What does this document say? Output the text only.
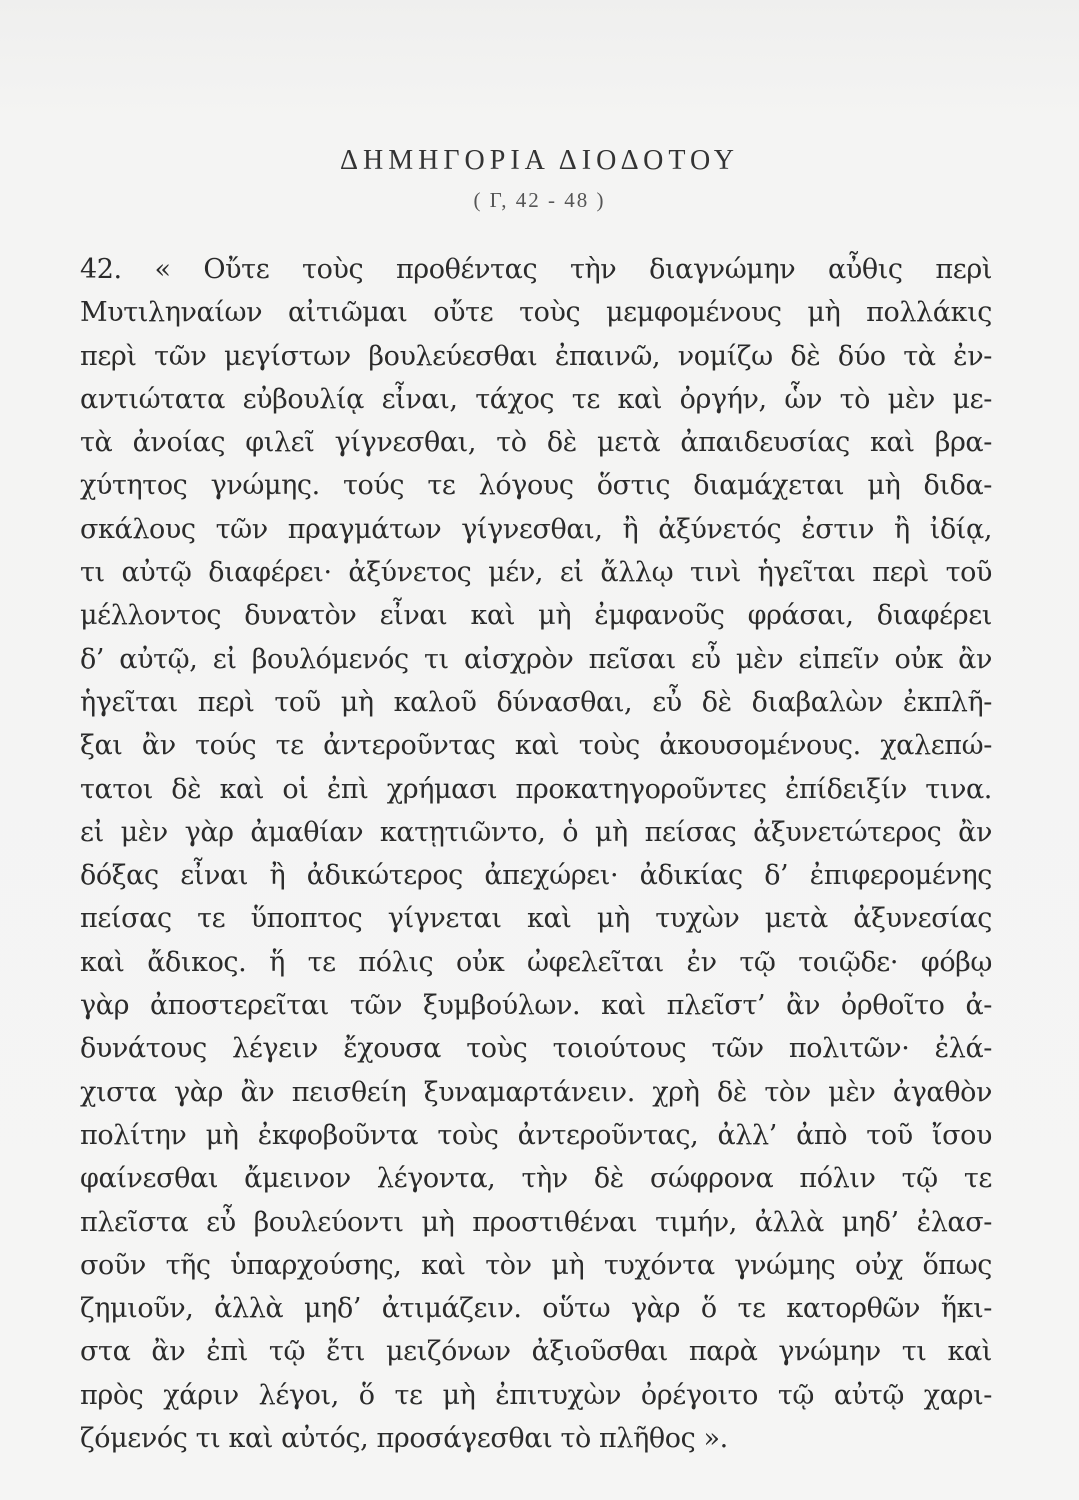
ΔΗΜΗΓΟΡΙΑ ΔΙΟΔΟΤΟΥ
( Γ, 42 - 48 )
42. « Οὔτε τοὺς προθέντας τὴν διαγνώμην αὖθις περὶ
Μυτιληναίων αἰτιῶμαι οὔτε τοὺς μεμφομένους μὴ πολλάκις
περὶ τῶν μεγίστων βουλεύεσθαι ἐπαινῶ, νομίζω δὲ δύο τὰ ἐν-
αντιώτατα εὐβουλίᾳ εἶναι, τάχος τε καὶ ὀργήν, ὧν τὸ μὲν με-
τὰ ἀνοίας φιλεῖ γίγνεσθαι, τὸ δὲ μετὰ ἀπαιδευσίας καὶ βρα-
χύτητος γνώμης. τούς τε λόγους ὅστις διαμάχεται μὴ διδα-
σκάλους τῶν πραγμάτων γίγνεσθαι, ἢ ἀξύνετός ἐστιν ἢ ἰδίᾳ,
τι αὐτῷ διαφέρει· ἀξύνετος μέν, εἰ ἄλλῳ τινὶ ἡγεῖται περὶ τοῦ
μέλλοντος δυνατὸν εἶναι καὶ μὴ ἐμφανοῦς φράσαι, διαφέρει
δ’ αὐτῷ, εἰ βουλόμενός τι αἰσχρὸν πεῖσαι εὖ μὲν εἰπεῖν οὐκ ἂν
ἡγεῖται περὶ τοῦ μὴ καλοῦ δύνασθαι, εὖ δὲ διαβαλὼν ἐκπλῆ-
ξαι ἂν τούς τε ἀντεροῦντας καὶ τοὺς ἀκουσομένους. χαλεπώ-
τατοι δὲ καὶ οἱ ἐπὶ χρήμασι προκατηγοροῦντες ἐπίδειξίν τινα.
εἰ μὲν γὰρ ἀμαθίαν κατῃτιῶντο, ὁ μὴ πείσας ἀξυνετώτερος ἂν
δόξας εἶναι ἢ ἀδικώτερος ἀπεχώρει· ἀδικίας δ’ ἐπιφερομένης
πείσας τε ὕποπτος γίγνεται καὶ μὴ τυχὼν μετὰ ἀξυνεσίας
καὶ ἄδικος. ἥ τε πόλις οὐκ ὠφελεῖται ἐν τῷ τοιῷδε· φόβῳ
γὰρ ἀποστερεῖται τῶν ξυμβούλων. καὶ πλεῖστ’ ἂν ὀρθοῖτο ἀ-
δυνάτους λέγειν ἔχουσα τοὺς τοιούτους τῶν πολιτῶν· ἐλά-
χιστα γὰρ ἂν πεισθείη ξυναμαρτάνειν. χρὴ δὲ τὸν μὲν ἀγαθὸν
πολίτην μὴ ἐκφοβοῦντα τοὺς ἀντεροῦντας, ἀλλ’ ἀπὸ τοῦ ἴσου
φαίνεσθαι ἄμεινον λέγοντα, τὴν δὲ σώφρονα πόλιν τῷ τε
πλεῖστα εὖ βουλεύοντι μὴ προστιθέναι τιμήν, ἀλλὰ μηδ’ ἐλασ-
σοῦν τῆς ὑπαρχούσης, καὶ τὸν μὴ τυχόντα γνώμης οὐχ ὅπως
ζημιοῦν, ἀλλὰ μηδ’ ἀτιμάζειν. οὕτω γὰρ ὅ τε κατορθῶν ἥκι-
στα ἂν ἐπὶ τῷ ἔτι μειζόνων ἀξιοῦσθαι παρὰ γνώμην τι καὶ
πρὸς χάριν λέγοι, ὅ τε μὴ ἐπιτυχὼν ὀρέγοιτο τῷ αὐτῷ χαρι-
ζόμενός τι καὶ αὐτός, προσάγεσθαι τὸ πλῆθος ».
